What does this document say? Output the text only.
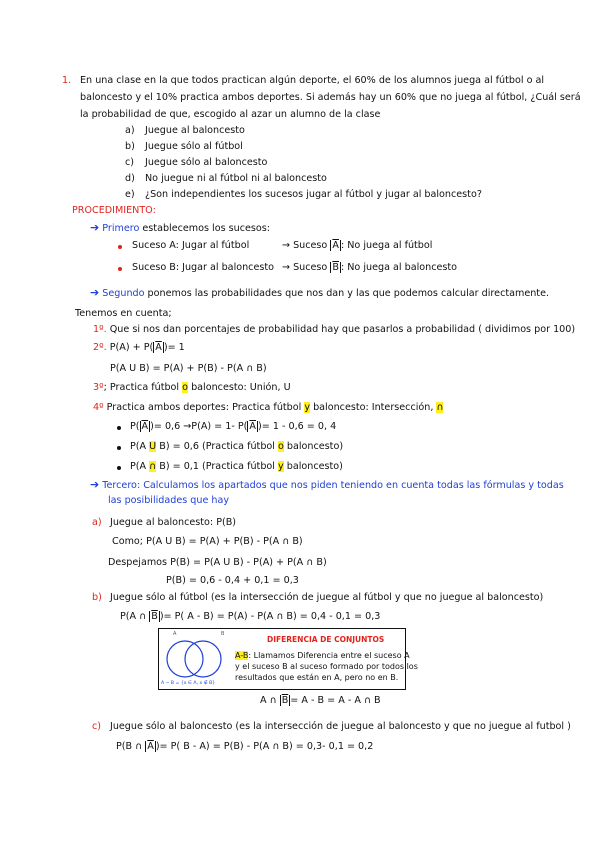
1. En una clase en la que todos practican algún deporte, el 60% de los alumnos juega al fútbol o al
baloncesto y el 10% practica ambos deportes. Si además hay un 60% que no juega al fútbol, ¿Cuál será
la probabilidad de que, escogido al azar un alumno de la clase
a) Juegue al baloncesto
b) Juegue sólo al fútbol
c) Juegue sólo al baloncesto
d) No juegue ni al fútbol ni al baloncesto
e) ¿Son independientes los sucesos jugar al fútbol y jugar al baloncesto?
PROCEDIMIENTO:
➔ Primero establecemos los sucesos:
Suceso A: Jugar al fútbol	→ Suceso $\overline{A}$ : No juega al fútbol
Suceso B: Jugar al baloncesto → Suceso $\overline{B}$ : No juega al baloncesto
➔ Segundo ponemos las probabilidades que nos dan y las que podemos calcular directamente.
Tenemos en cuenta;
1º. Que si nos dan porcentajes de probabilidad hay que pasarlos a probabilidad ( dividimos por 100)
2º. P(A) + P( $\overline{A}$ )= 1
P(A U B) = P(A) + P(B) - P(A ∩ B)
3º; Practica fútbol o baloncesto: Unión, U
4º Practica ambos deportes: Practica fútbol y baloncesto: Intersección, ∩
P( $\overline{A}$ )= 0,6 →P(A) = 1- P( $\overline{A}$ )= 1 - 0,6 = 0, 4
P(A U B) = 0,6 (Practica fútbol o baloncesto)
P(A ∩ B) = 0,1 (Practica fútbol y baloncesto)
➔ Tercero: Calculamos los apartados que nos piden teniendo en cuenta todas las fórmulas y todas
las posibilidades que hay
a) Juegue al baloncesto: P(B)
Como; P(A U B) = P(A) + P(B) - P(A ∩ B)
Despejamos P(B) = P(A U B) - P(A) + P(A ∩ B)
P(B) = 0,6 - 0,4 + 0,1 = 0,3
b) Juegue sólo al fútbol (es la intersección de juegue al fútbol y que no juegue al baloncesto)
P(A ∩ $\overline{B}$ )= P( A - B) = P(A) - P(A ∩ B) = 0,4 - 0,1 = 0,3
A	B
A − B = {x ∈ A, x ∉ B}
DIFERENCIA DE CONJUNTOS
A-B: Llamamos Diferencia entre el suceso A
y el suceso B al suceso formado por todos los
resultados que están en A, pero no en B.
A ∩ $\overline{B} = A - B = A - A$ ∩ B
c) Juegue sólo al baloncesto (es la intersección de juegue al baloncesto y que no juegue al futbol )
P(B ∩ $\overline{A}$ )= P( B - A) = P(B) - P(A ∩ B) = 0,3- 0,1 = 0,2
